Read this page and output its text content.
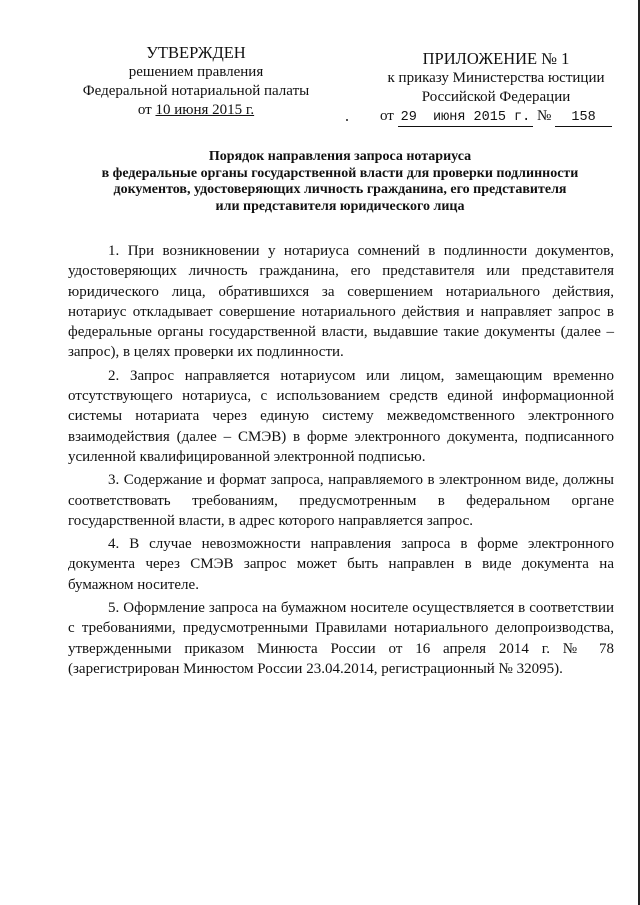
УТВЕРЖДЕН
решением правления
Федеральной нотариальной палаты
от
10 июня 2015 г.
ПРИЛОЖЕНИЕ № 1
к приказу Министерства юстиции
Российской Федерации
от
29 июня 2015 г.
№
	158
Порядок направления запроса нотариуса
в федеральные органы государственной власти для проверки подлинности
документов, удостоверяющих личность гражданина, его представителя
или представителя юридического лица

1. При возникновении у нотариуса сомнений в подлинности документов, удостоверяющих личность гражданина, его представителя или представителя юридического лица, обратившихся за совершением нотариального действия, нотариус откладывает совершение нотариального действия и направляет запрос в федеральные органы государственной власти, выдавшие такие документы (далее – запрос), в целях проверки их подлинности.

2. Запрос направляется нотариусом или лицом, замещающим временно отсутствующего нотариуса, с использованием средств единой информационной системы нотариата через единую систему межведомственного электронного взаимодействия (далее – СМЭВ) в форме электронного документа, подписанного усиленной квалифицированной электронной подписью.

3. Содержание и формат запроса, направляемого в электронном виде, должны соответствовать требованиям, предусмотренным в федеральном органе государственной власти, в адрес которого направляется запрос.

4. В случае невозможности направления запроса в форме электронного документа через СМЭВ запрос может быть направлен в виде документа на бумажном носителе.

5. Оформление запроса на бумажном носителе осуществляется в соответствии с требованиями, предусмотренными Правилами нотариального делопроизводства, утвержденными приказом Минюста России от 16 апреля 2014 г. № 78 (зарегистрирован Минюстом России 23.04.2014, регистрационный № 32095).
